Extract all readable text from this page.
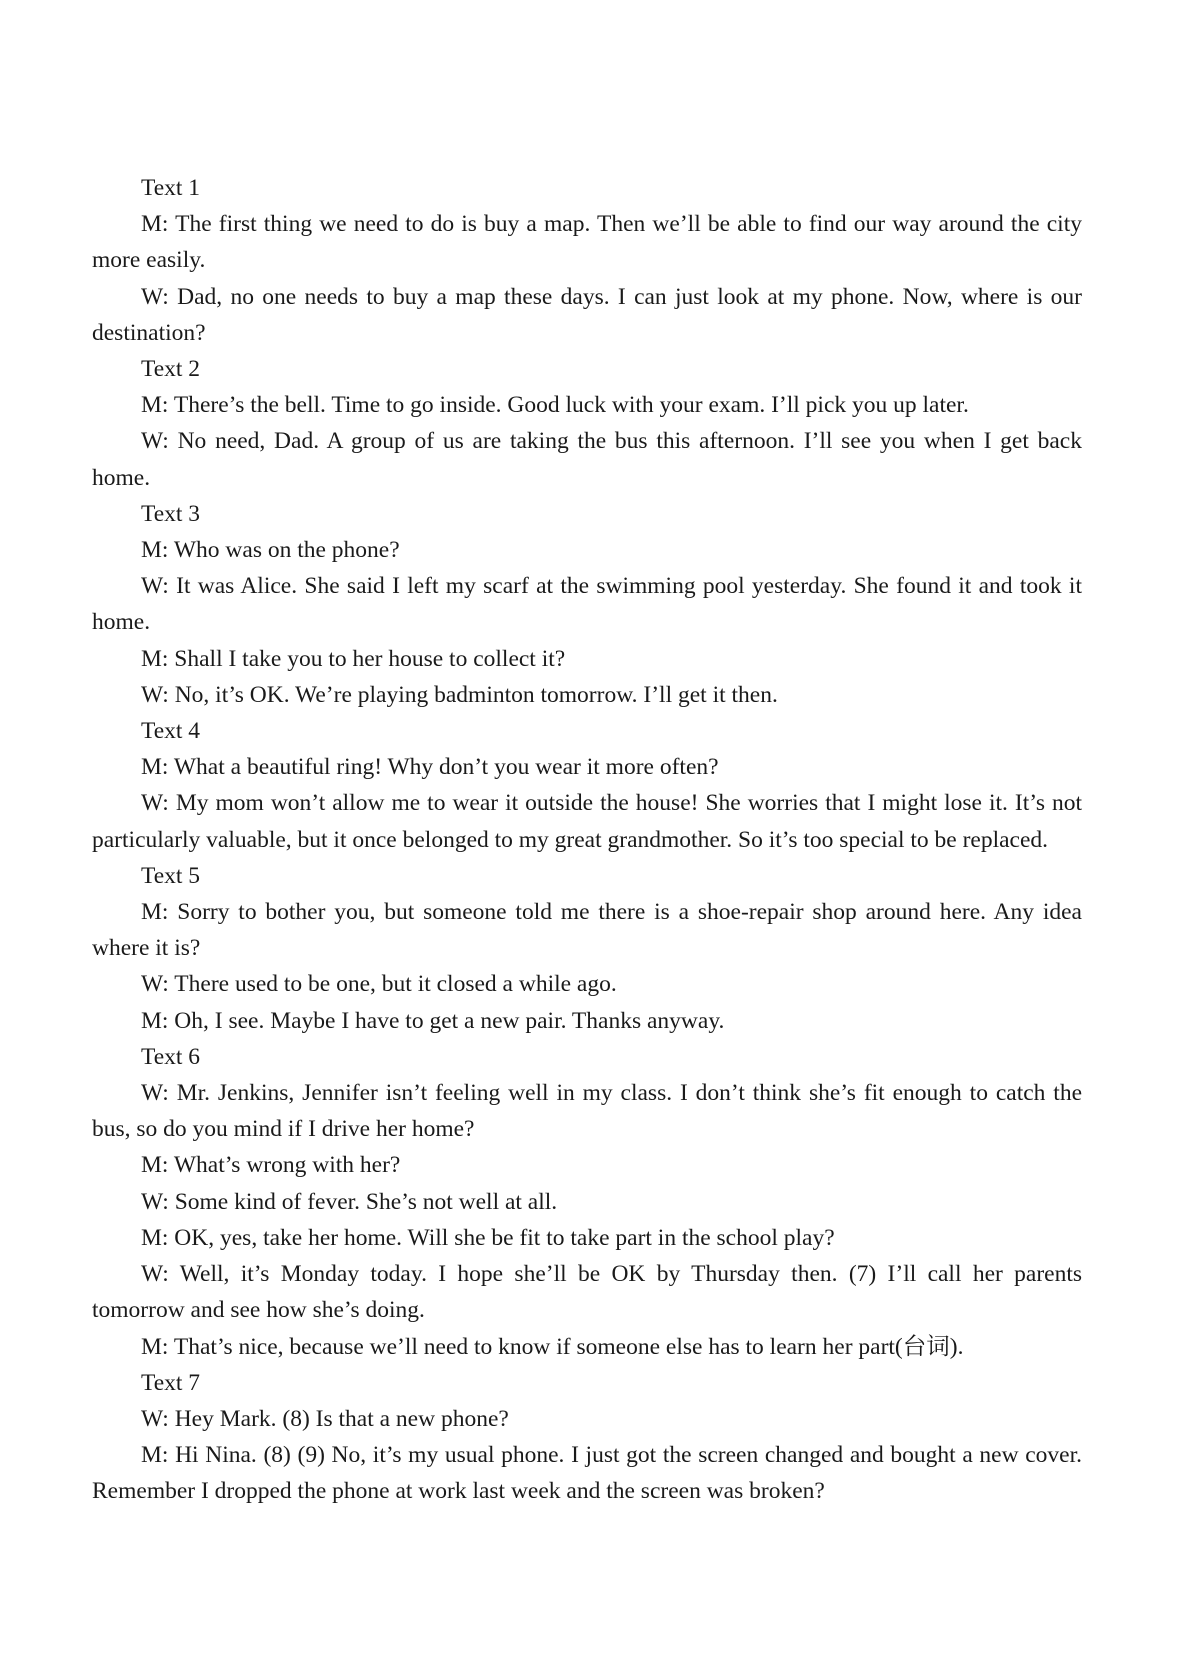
Text 1

M: The first thing we need to do is buy a map. Then we’ll be able to find our way around the city more easily.

W: Dad, no one needs to buy a map these days. I can just look at my phone. Now, where is our destination?

Text 2

M: There’s the bell. Time to go inside. Good luck with your exam. I’ll pick you up later.

W: No need, Dad. A group of us are taking the bus this afternoon. I’ll see you when I get back home.

Text 3

M: Who was on the phone?

W: It was Alice. She said I left my scarf at the swimming pool yesterday. She found it and took it home.

M: Shall I take you to her house to collect it?

W: No, it’s OK. We’re playing badminton tomorrow. I’ll get it then.

Text 4

M: What a beautiful ring! Why don’t you wear it more often?

W: My mom won’t allow me to wear it outside the house! She worries that I might lose it. It’s not particularly valuable, but it once belonged to my great grandmother. So it’s too special to be replaced.

Text 5

M: Sorry to bother you, but someone told me there is a shoe-repair shop around here. Any idea where it is?

W: There used to be one, but it closed a while ago.

M: Oh, I see. Maybe I have to get a new pair. Thanks anyway.

Text 6

W: Mr. Jenkins, Jennifer isn’t feeling well in my class. I don’t think she’s fit enough to catch the bus, so do you mind if I drive her home?

M: What’s wrong with her?

W: Some kind of fever. She’s not well at all.

M: OK, yes, take her home. Will she be fit to take part in the school play?

W: Well, it’s Monday today. I hope she’ll be OK by Thursday then. (7) I’ll call her parents tomorrow and see how she’s doing.

M: That’s nice, because we’ll need to know if someone else has to learn her part(台词).

Text 7

W: Hey Mark. (8) Is that a new phone?

M: Hi Nina. (8) (9) No, it’s my usual phone. I just got the screen changed and bought a new cover. Remember I dropped the phone at work last week and the screen was broken?
